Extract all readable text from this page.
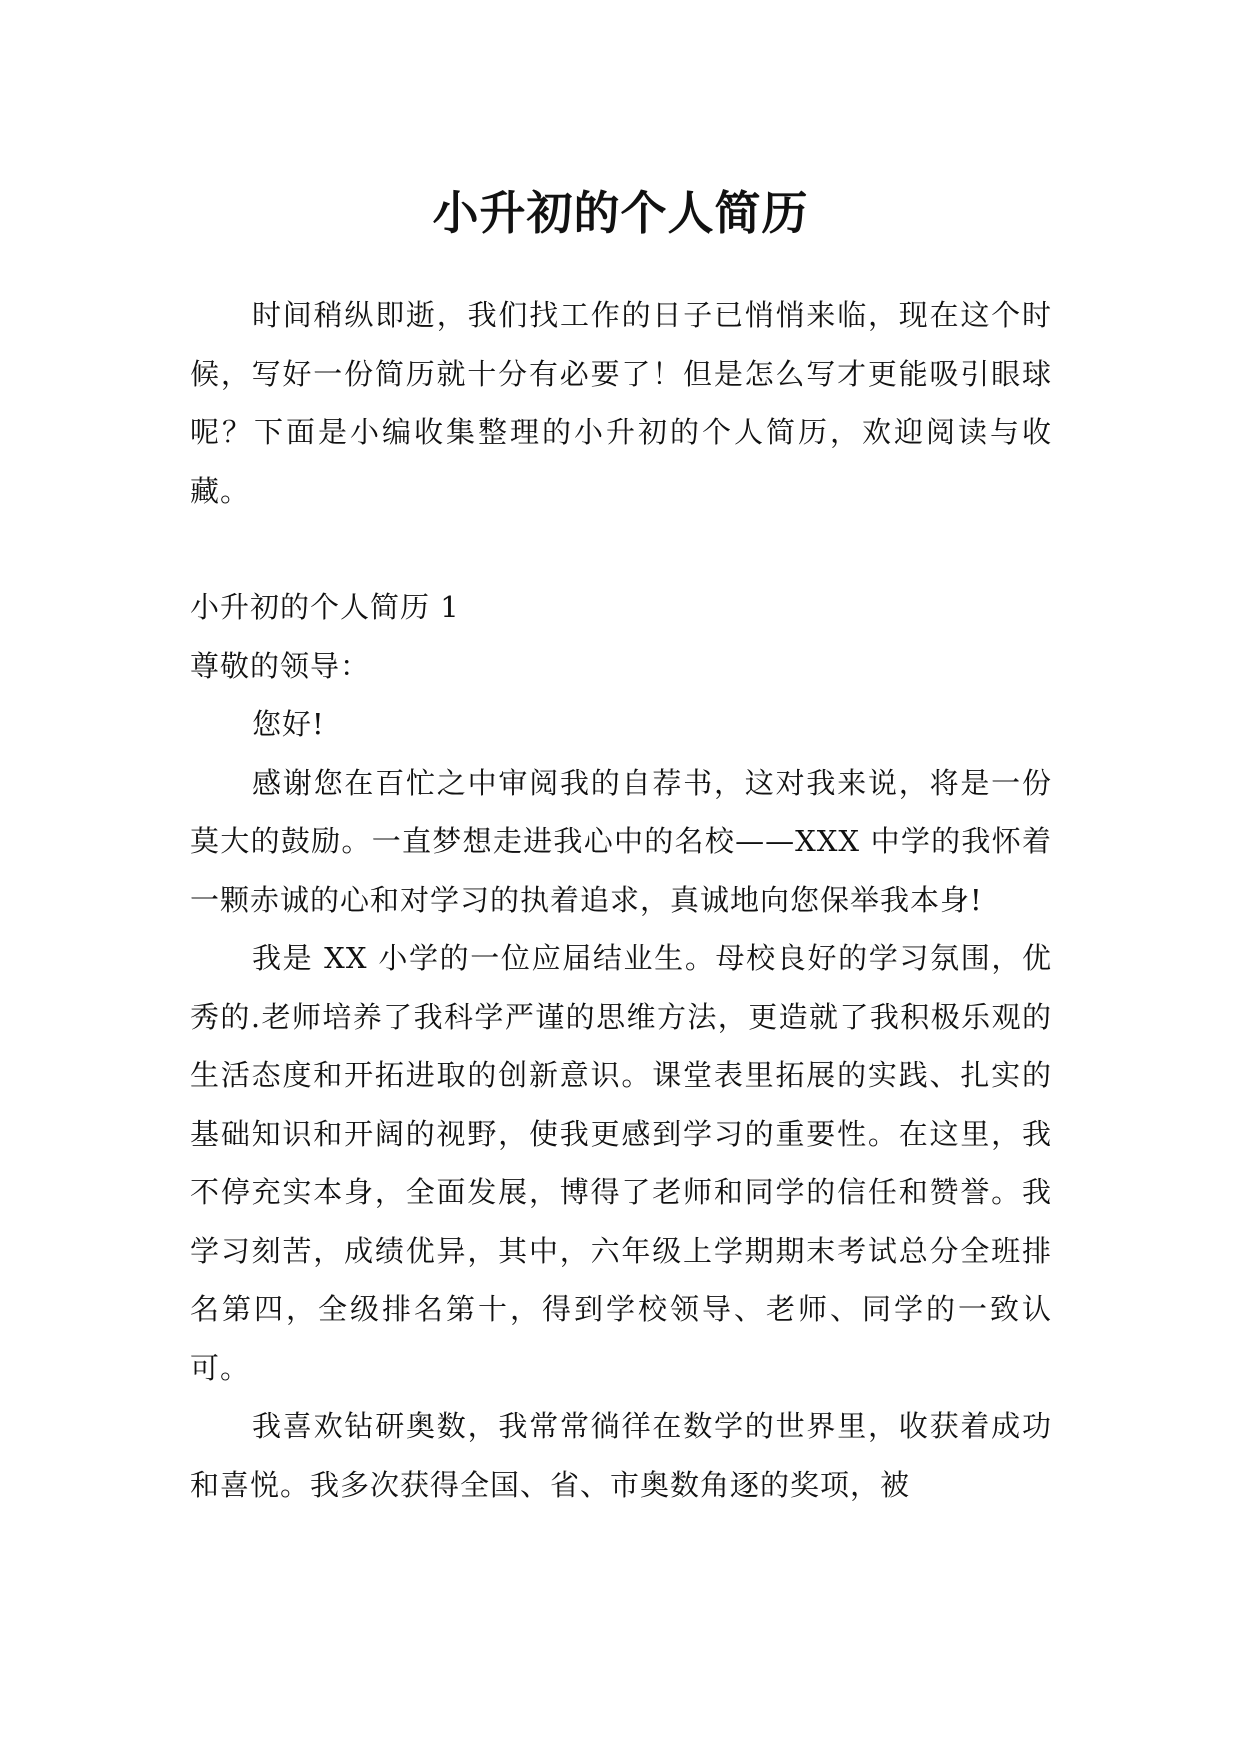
小升初的个人简历

时间稍纵即逝，我们找工作的日子已悄悄来临，现在这个时候，写好一份简历就十分有必要了！但是怎么写才更能吸引眼球呢？下面是小编收集整理的小升初的个人简历，欢迎阅读与收藏。

小升初的个人简历 1

尊敬的领导：

您好!

感谢您在百忙之中审阅我的自荐书，这对我来说，将是一份莫大的鼓励。一直梦想走进我心中的名校——XXX 中学的我怀着一颗赤诚的心和对学习的执着追求，真诚地向您保举我本身!

我是 XX 小学的一位应届结业生。母校良好的学习氛围，优秀的.老师培养了我科学严谨的思维方法，更造就了我积极乐观的生活态度和开拓进取的创新意识。课堂表里拓展的实践、扎实的基础知识和开阔的视野，使我更感到学习的重要性。在这里，我不停充实本身，全面发展，博得了老师和同学的信任和赞誉。我学习刻苦，成绩优异，其中，六年级上学期期末考试总分全班排名第四，全级排名第十，得到学校领导、老师、同学的一致认可。

我喜欢钻研奥数，我常常徜徉在数学的世界里，收获着成功和喜悦。我多次获得全国、省、市奥数角逐的奖项，被
